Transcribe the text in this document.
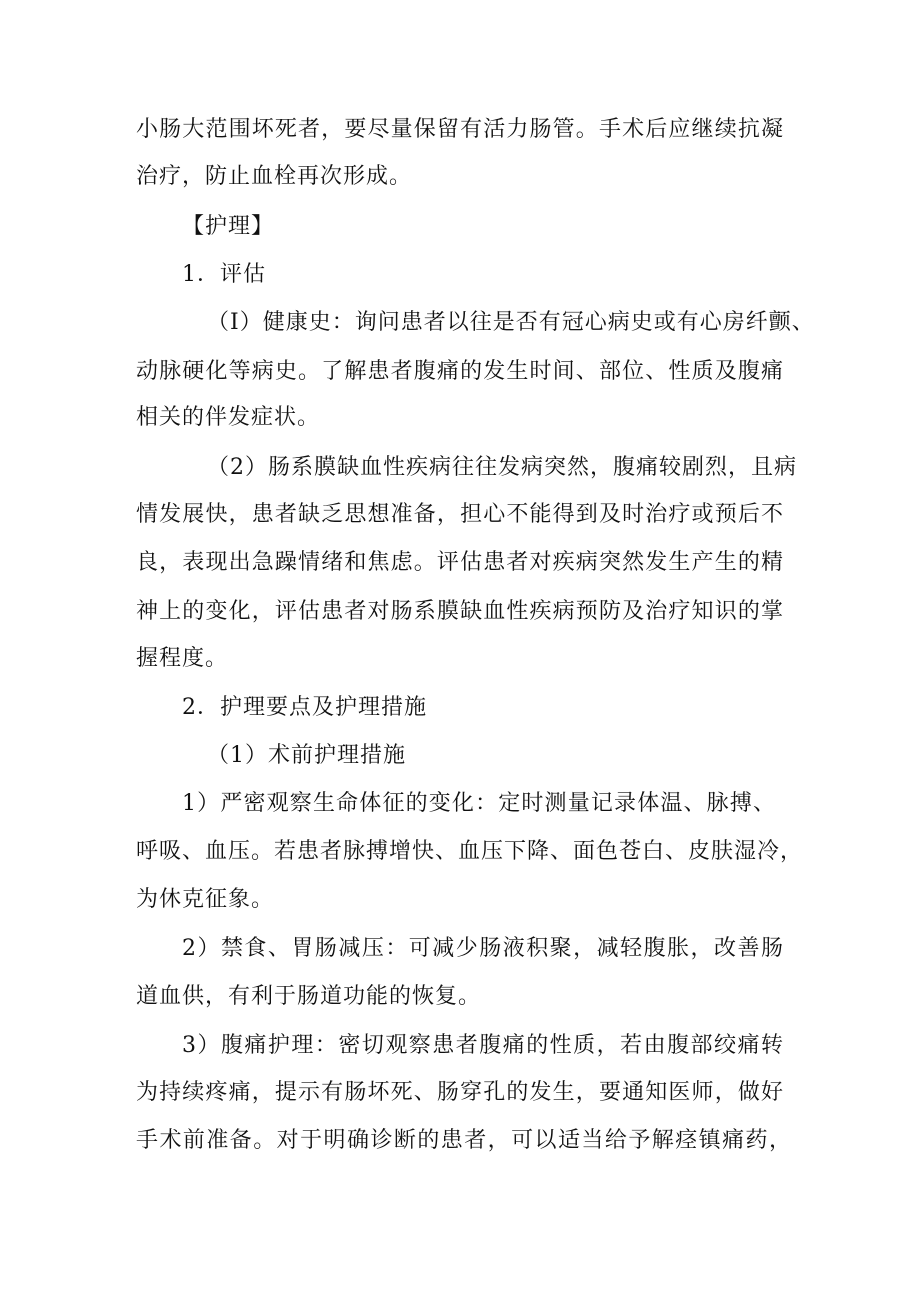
小肠大范围坏死者，要尽量保留有活力肠管。手术后应继续抗凝
治疗，防止血栓再次形成。
【护理】
1．评估
（I）健康史：询问患者以往是否有冠心病史或有心房纤颤、
动脉硬化等病史。了解患者腹痛的发生时间、部位、性质及腹痛
相关的伴发症状。
（2）肠系膜缺血性疾病往往发病突然，腹痛较剧烈，且病
情发展快，患者缺乏思想准备，担心不能得到及时治疗或预后不
良，表现出急躁情绪和焦虑。评估患者对疾病突然发生产生的精
神上的变化，评估患者对肠系膜缺血性疾病预防及治疗知识的掌
握程度。
2．护理要点及护理措施
（1）术前护理措施
1）严密观察生命体征的变化：定时测量记录体温、脉搏、
呼吸、血压。若患者脉搏增快、血压下降、面色苍白、皮肤湿冷，
为休克征象。
2）禁食、胃肠减压：可减少肠液积聚，减轻腹胀，改善肠
道血供，有利于肠道功能的恢复。
3）腹痛护理：密切观察患者腹痛的性质，若由腹部绞痛转
为持续疼痛，提示有肠坏死、肠穿孔的发生，要通知医师，做好
手术前准备。对于明确诊断的患者，可以适当给予解痉镇痛药，
